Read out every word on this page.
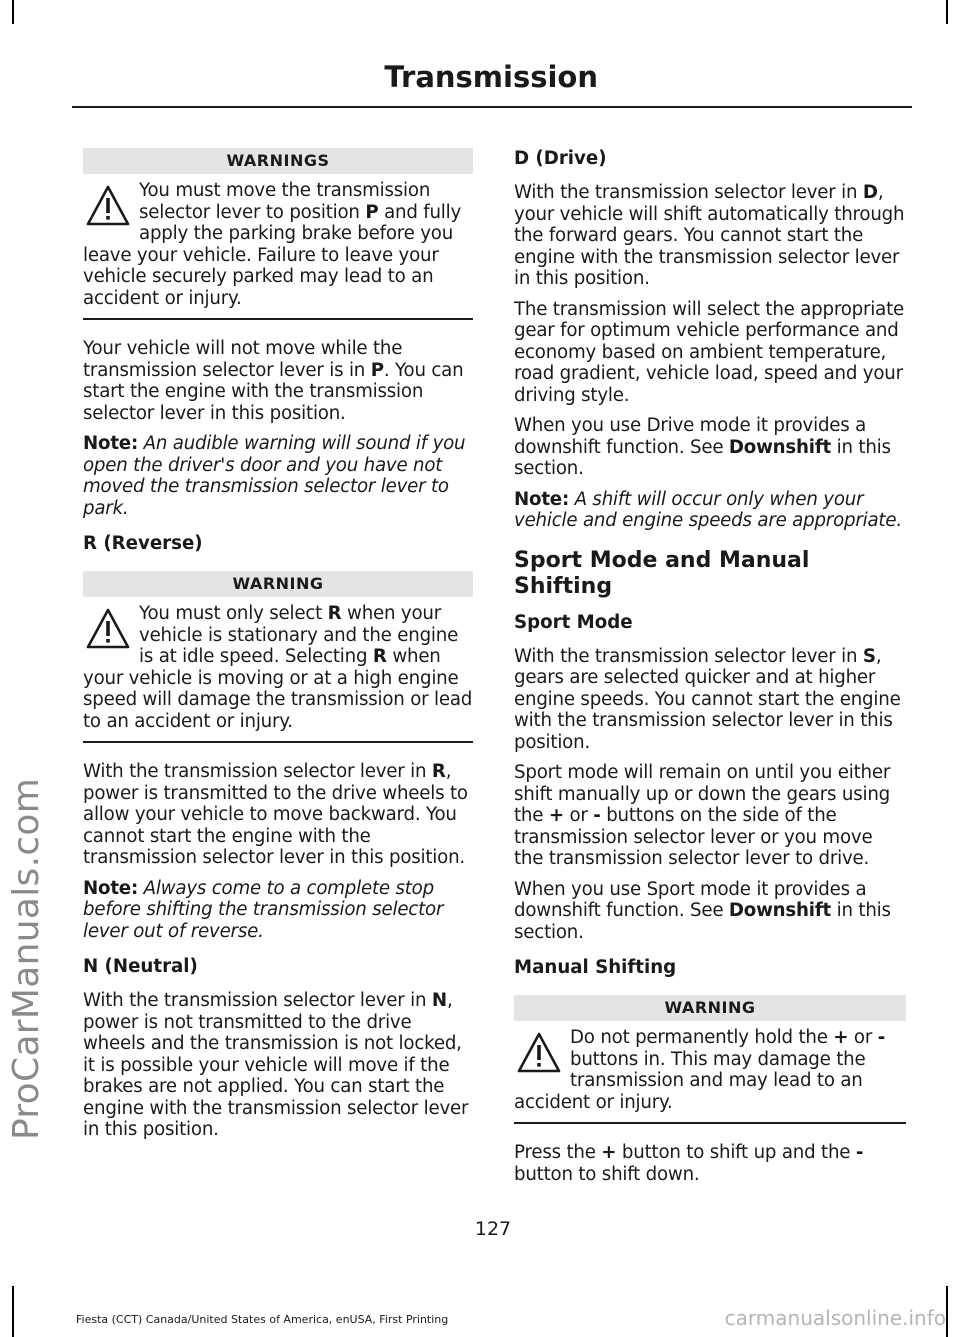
ProCarManuals.com
Transmission
WARNINGS
You must move the transmission selector lever to position P and fully apply the parking brake before you leave your vehicle. Failure to leave your vehicle securely parked may lead to an accident or injury.

Your vehicle will not move while the transmission selector lever is in P. You can start the engine with the transmission selector lever in this position.

Note: An audible warning will sound if you open the driver's door and you have not moved the transmission selector lever to park.

R (Reverse)

WARNING
You must only select R when your vehicle is stationary and the engine is at idle speed. Selecting R when your vehicle is moving or at a high engine speed will damage the transmission or lead to an accident or injury.

With the transmission selector lever in R, power is transmitted to the drive wheels to allow your vehicle to move backward. You cannot start the engine with the transmission selector lever in this position.

Note: Always come to a complete stop before shifting the transmission selector lever out of reverse.

N (Neutral)

With the transmission selector lever in N, power is not transmitted to the drive wheels and the transmission is not locked, it is possible your vehicle will move if the brakes are not applied. You can start the engine with the transmission selector lever in this position.

D (Drive)

With the transmission selector lever in D, your vehicle will shift automatically through the forward gears. You cannot start the engine with the transmission selector lever in this position.

The transmission will select the appropriate gear for optimum vehicle performance and economy based on ambient temperature, road gradient, vehicle load, speed and your driving style.

When you use Drive mode it provides a downshift function. See Downshift in this section.

Note: A shift will occur only when your vehicle and engine speeds are appropriate.

Sport Mode and Manual Shifting

Sport Mode

With the transmission selector lever in S, gears are selected quicker and at higher engine speeds. You cannot start the engine with the transmission selector lever in this position.

Sport mode will remain on until you either shift manually up or down the gears using the + or - buttons on the side of the transmission selector lever or you move the transmission selector lever to drive.

When you use Sport mode it provides a downshift function. See Downshift in this section.

Manual Shifting

WARNING
Do not permanently hold the + or - buttons in. This may damage the transmission and may lead to an accident or injury.

Press the + button to shift up and the - button to shift down.

127
Fiesta (CCT) Canada/United States of America, enUSA, First Printing	carmanualsonline.info
